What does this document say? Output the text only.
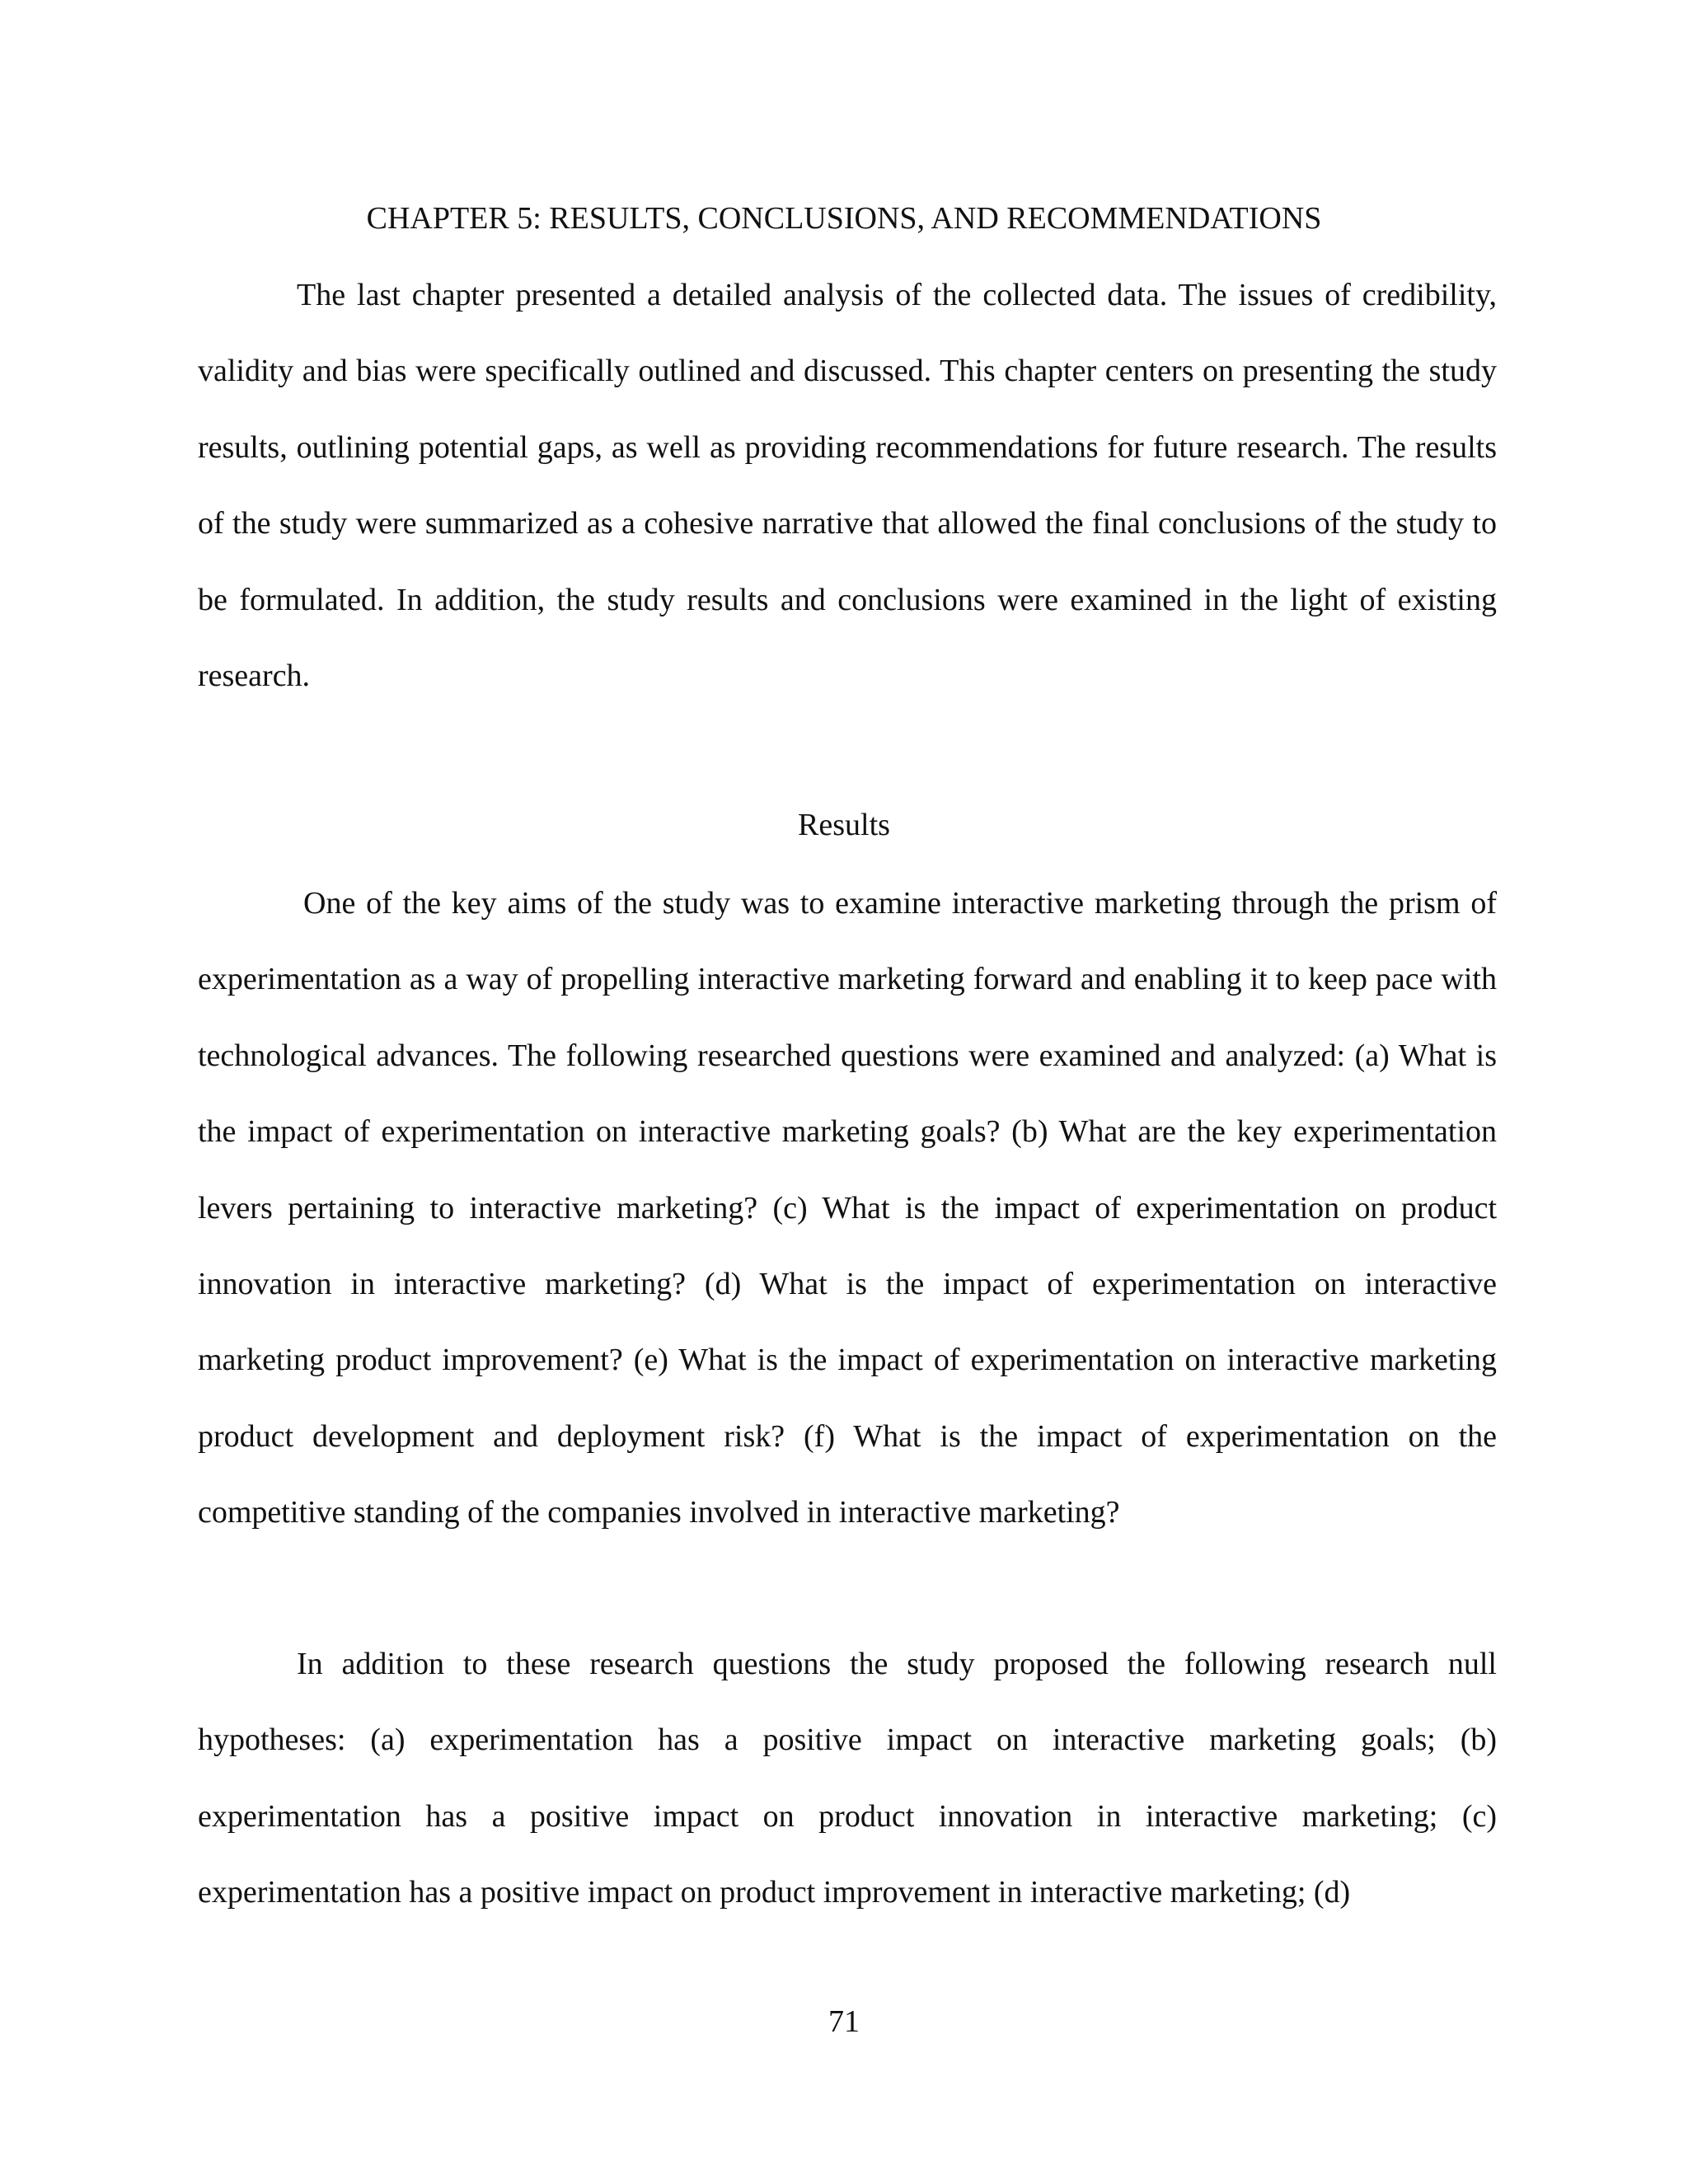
CHAPTER 5: RESULTS, CONCLUSIONS, AND RECOMMENDATIONS

The last chapter presented a detailed analysis of the collected data. The issues of credibility, validity and bias were specifically outlined and discussed. This chapter centers on presenting the study results, outlining potential gaps, as well as providing recommendations for future research. The results of the study were summarized as a cohesive narrative that allowed the final conclusions of the study to be formulated. In addition, the study results and conclusions were examined in the light of existing research.

Results

One of the key aims of the study was to examine interactive marketing through the prism of experimentation as a way of propelling interactive marketing forward and enabling it to keep pace with technological advances. The following researched questions were examined and analyzed: (a) What is the impact of experimentation on interactive marketing goals? (b) What are the key experimentation levers pertaining to interactive marketing? (c) What is the impact of experimentation on product innovation in interactive marketing? (d) What is the impact of experimentation on interactive marketing product improvement? (e) What is the impact of experimentation on interactive marketing product development and deployment risk? (f) What is the impact of experimentation on the competitive standing of the companies involved in interactive marketing?

In addition to these research questions the study proposed the following research null hypotheses: (a) experimentation has a positive impact on interactive marketing goals; (b) experimentation has a positive impact on product innovation in interactive marketing; (c) experimentation has a positive impact on product improvement in interactive marketing; (d)

71
